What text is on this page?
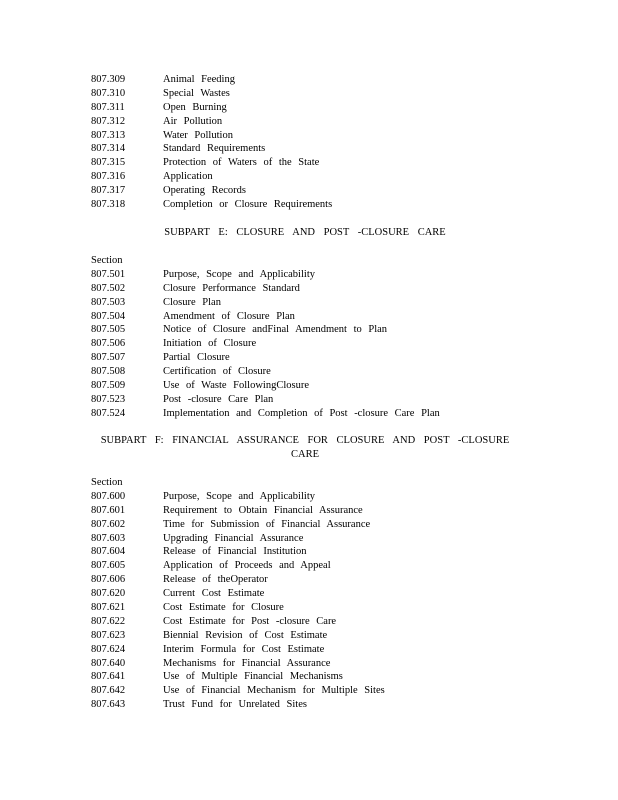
807.309	Animal Feeding
807.310	Special Wastes
807.311	Open Burning
807.312	Air Pollution
807.313	Water Pollution
807.314	Standard Requirements
807.315	Protection of Waters of the State
807.316	Application
807.317	Operating Records
807.318	Completion or Closure Requirements
SUBPART E: CLOSURE AND POST -CLOSURE CARE
Section
807.501	Purpose, Scope and Applicability
807.502	Closure Performance Standard
807.503	Closure Plan
807.504	Amendment of Closure Plan
807.505	Notice of Closure andFinal Amendment to Plan
807.506	Initiation of Closure
807.507	Partial Closure
807.508	Certification of Closure
807.509	Use of Waste FollowingClosure
807.523	Post -closure Care Plan
807.524	Implementation and Completion of Post -closure Care Plan
SUBPART F: FINANCIAL ASSURANCE FOR CLOSURE AND POST -CLOSURE
CARE
Section
807.600	Purpose, Scope and Applicability
807.601	Requirement to Obtain Financial Assurance
807.602	Time for Submission of Financial Assurance
807.603	Upgrading Financial Assurance
807.604	Release of Financial Institution
807.605	Application of Proceeds and Appeal
807.606	Release of theOperator
807.620	Current Cost Estimate
807.621	Cost Estimate for Closure
807.622	Cost Estimate for Post -closure Care
807.623	Biennial Revision of Cost Estimate
807.624	Interim Formula for Cost Estimate
807.640	Mechanisms for Financial Assurance
807.641	Use of Multiple Financial Mechanisms
807.642	Use of Financial Mechanism for Multiple Sites
807.643	Trust Fund for Unrelated Sites
